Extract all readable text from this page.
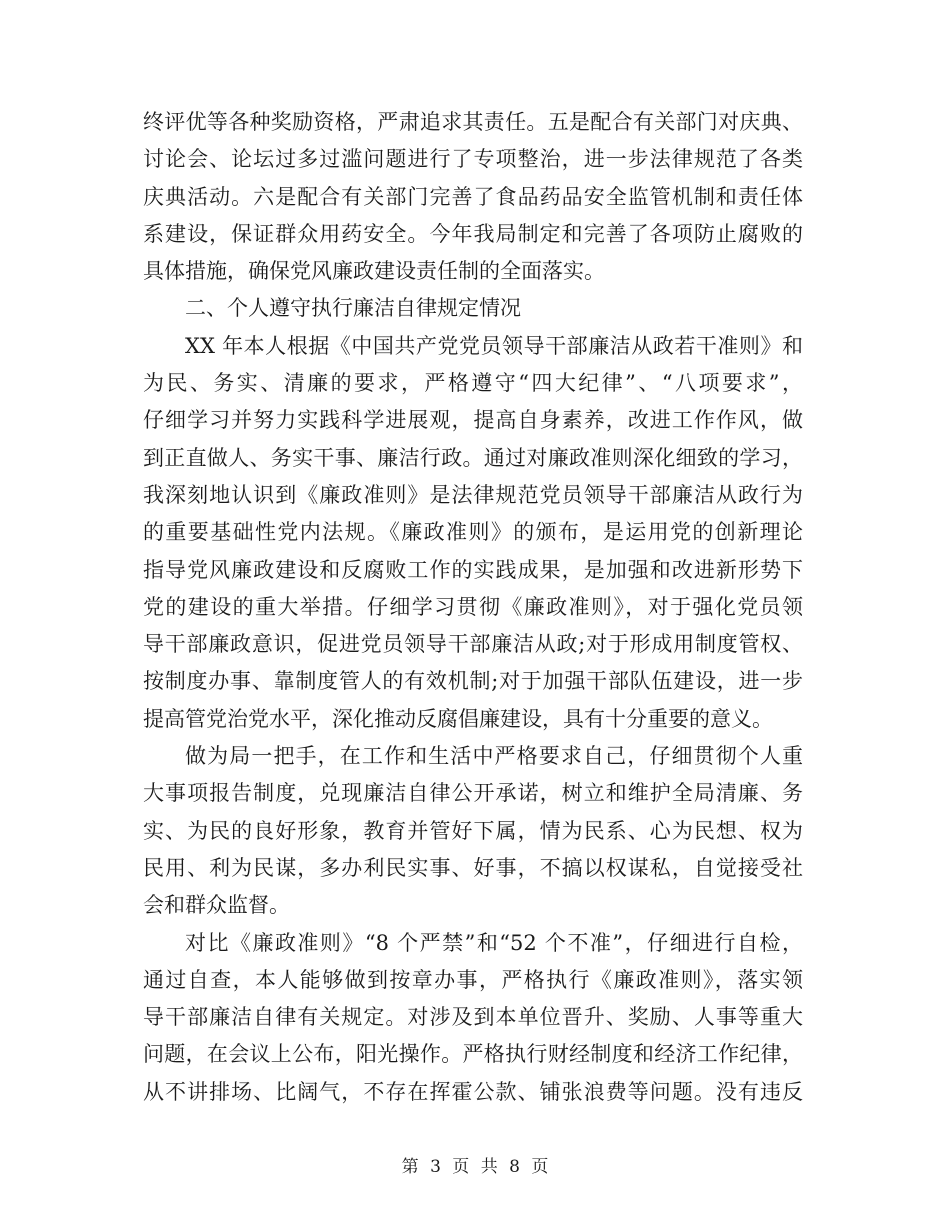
终评优等各种奖励资格，严肃追求其责任。五是配合有关部门对庆典、
讨论会、论坛过多过滥问题进行了专项整治，进一步法律规范了各类
庆典活动。六是配合有关部门完善了食品药品安全监管机制和责任体
系建设，保证群众用药安全。今年我局制定和完善了各项防止腐败的
具体措施，确保党风廉政建设责任制的全面落实。
二、个人遵守执行廉洁自律规定情况
XX 年本人根据《中国共产党党员领导干部廉洁从政若干准则》和
为民、务实、清廉的要求，严格遵守“四大纪律”、“八项要求”，
仔细学习并努力实践科学进展观，提高自身素养，改进工作作风，做
到正直做人、务实干事、廉洁行政。通过对廉政准则深化细致的学习，
我深刻地认识到《廉政准则》是法律规范党员领导干部廉洁从政行为
的重要基础性党内法规。《廉政准则》的颁布，是运用党的创新理论
指导党风廉政建设和反腐败工作的实践成果，是加强和改进新形势下
党的建设的重大举措。仔细学习贯彻《廉政准则》，对于强化党员领
导干部廉政意识，促进党员领导干部廉洁从政;对于形成用制度管权、
按制度办事、靠制度管人的有效机制;对于加强干部队伍建设，进一步
提高管党治党水平，深化推动反腐倡廉建设，具有十分重要的意义。
做为局一把手，在工作和生活中严格要求自己，仔细贯彻个人重
大事项报告制度，兑现廉洁自律公开承诺，树立和维护全局清廉、务
实、为民的良好形象，教育并管好下属，情为民系、心为民想、权为
民用、利为民谋，多办利民实事、好事，不搞以权谋私，自觉接受社
会和群众监督。
对比《廉政准则》“8 个严禁”和“52 个不准”，仔细进行自检，
通过自查，本人能够做到按章办事，严格执行《廉政准则》，落实领
导干部廉洁自律有关规定。对涉及到本单位晋升、奖励、人事等重大
问题，在会议上公布，阳光操作。严格执行财经制度和经济工作纪律，
从不讲排场、比阔气，不存在挥霍公款、铺张浪费等问题。没有违反
第 3 页 共 8 页
